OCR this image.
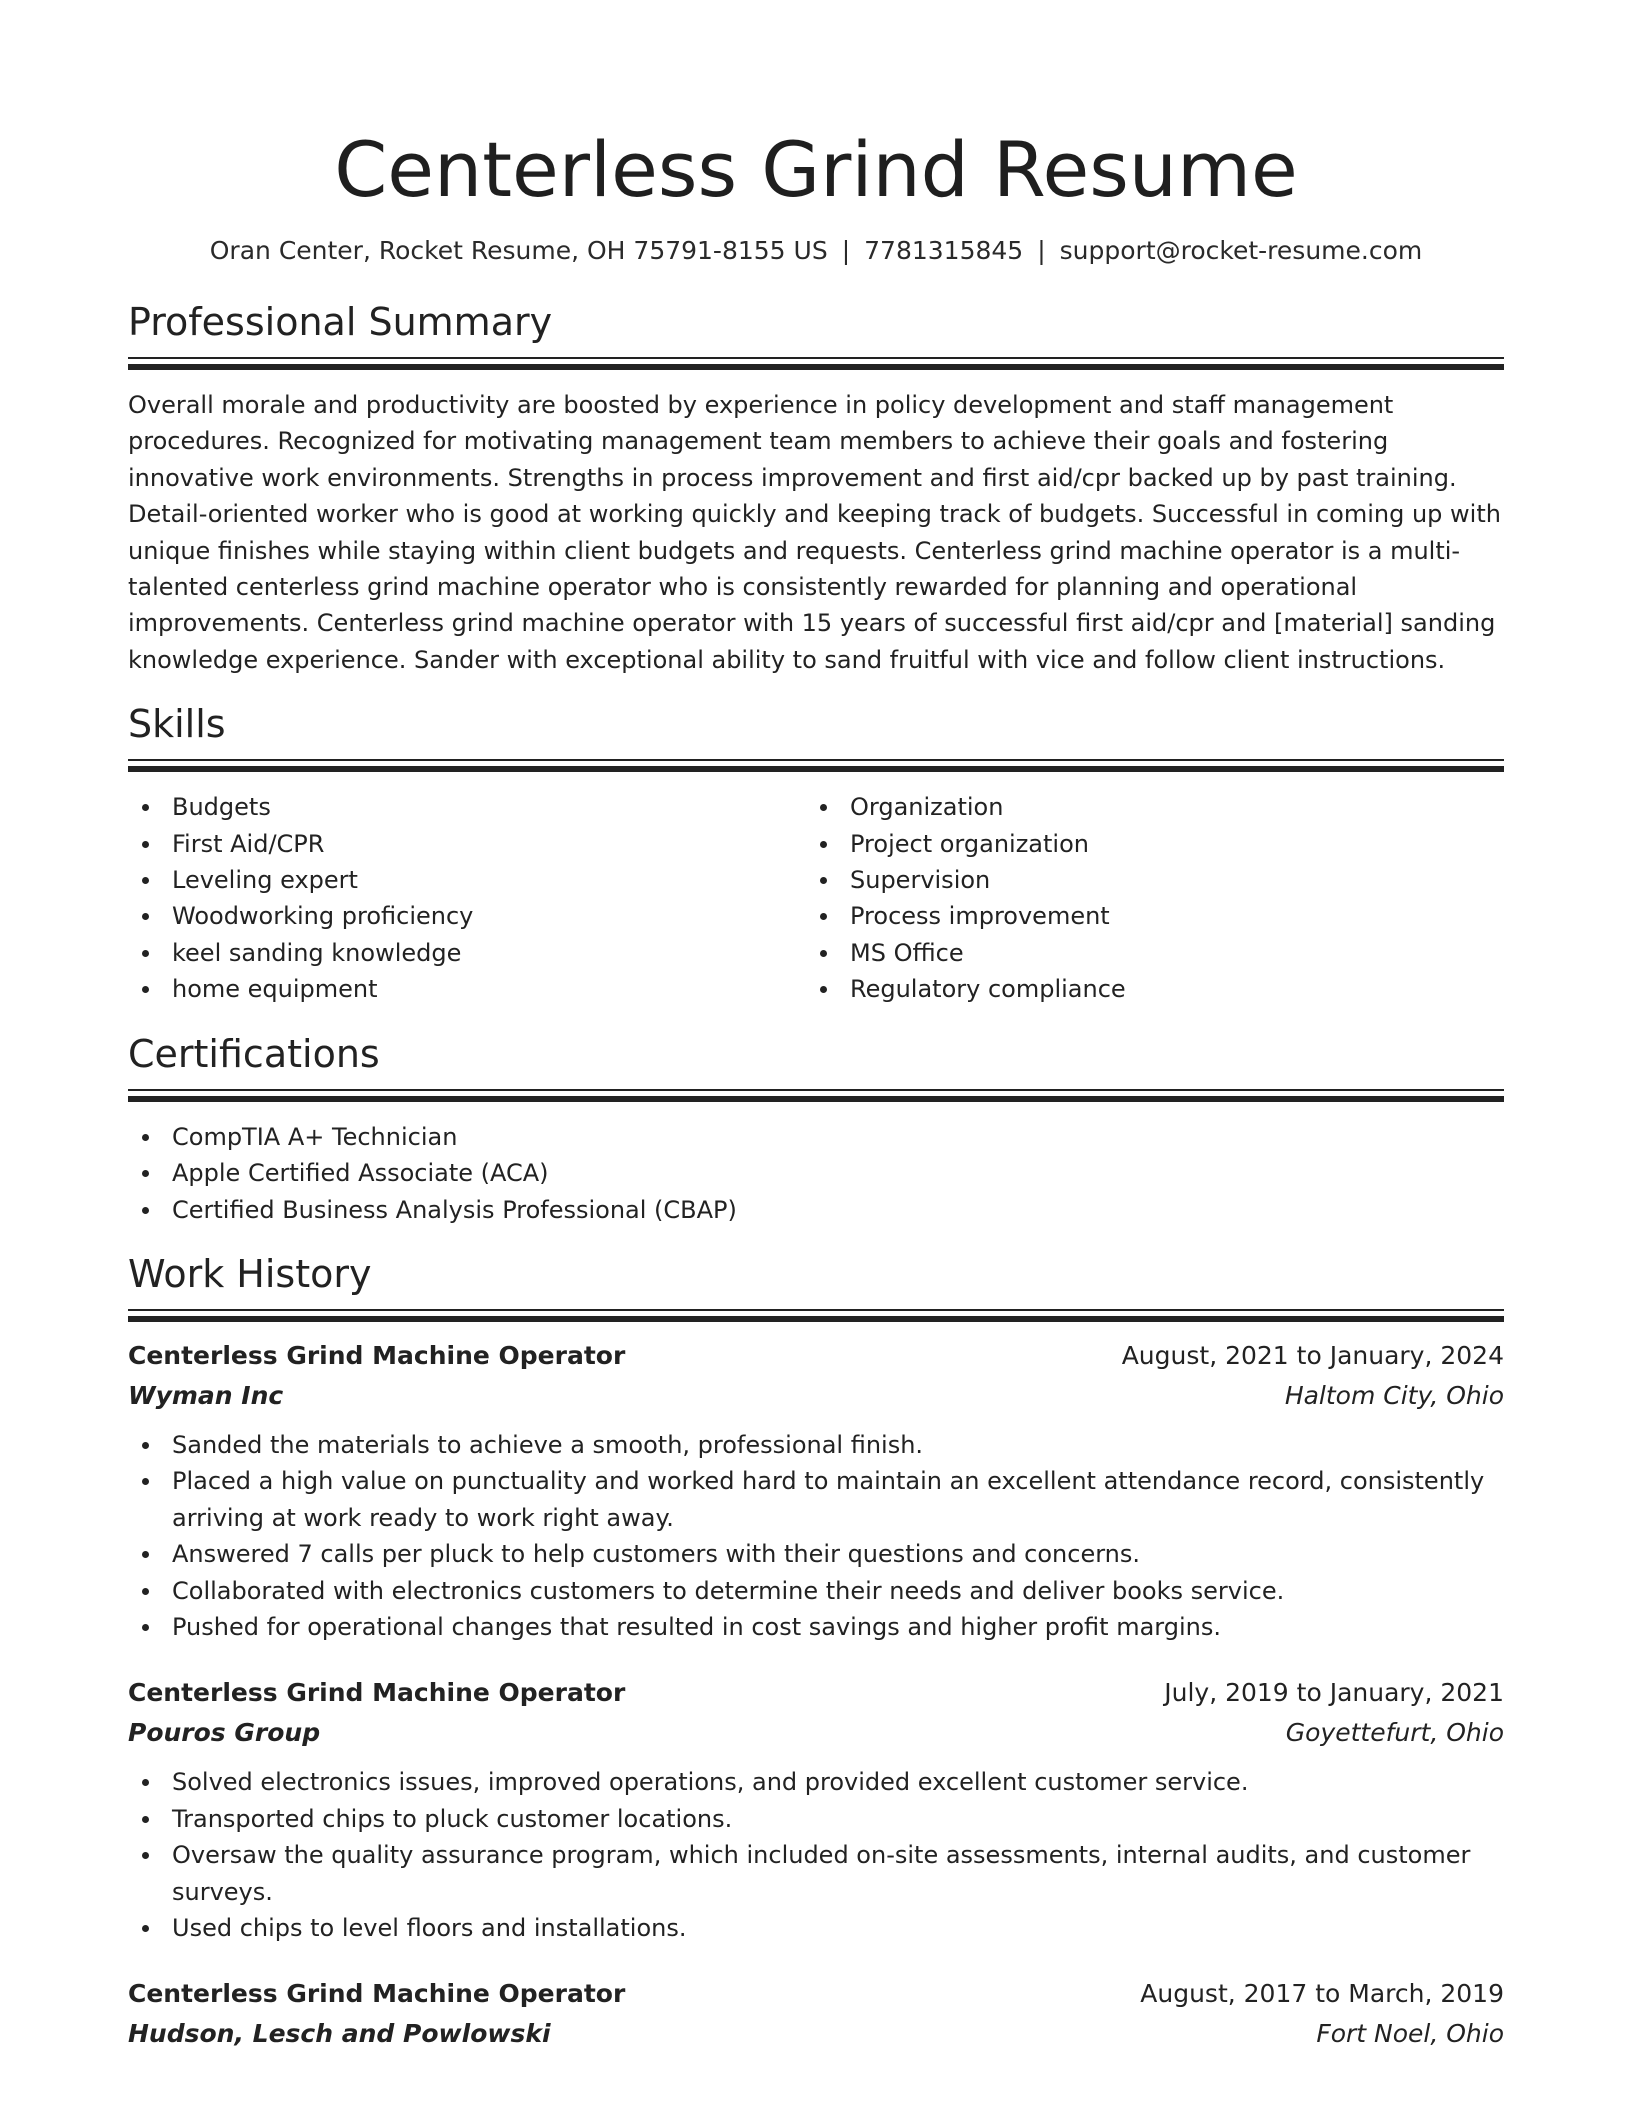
Centerless Grind Resume
Oran Center, Rocket Resume, OH 75791-8155 US | 7781315845 | support@rocket-resume.com
Professional Summary
Overall morale and productivity are boosted by experience in policy development and staff management procedures. Recognized for motivating management team members to achieve their goals and fostering innovative work environments. Strengths in process improvement and first aid/cpr backed up by past training. Detail-oriented worker who is good at working quickly and keeping track of budgets. Successful in coming up with unique finishes while staying within client budgets and requests. Centerless grind machine operator is a multi-talented centerless grind machine operator who is consistently rewarded for planning and operational improvements. Centerless grind machine operator with 15 years of successful first aid/cpr and [material] sanding knowledge experience. Sander with exceptional ability to sand fruitful with vice and follow client instructions.
Skills
Budgets
First Aid/CPR
Leveling expert
Woodworking proficiency
keel sanding knowledge
home equipment
Organization
Project organization
Supervision
Process improvement
MS Office
Regulatory compliance
Certifications
CompTIA A+ Technician
Apple Certified Associate (ACA)
Certified Business Analysis Professional (CBAP)
Work History
Centerless Grind Machine Operator	August, 2021 to January, 2024
Wyman Inc	Haltom City, Ohio
Sanded the materials to achieve a smooth, professional finish.
Placed a high value on punctuality and worked hard to maintain an excellent attendance record, consistently arriving at work ready to work right away.
Answered 7 calls per pluck to help customers with their questions and concerns.
Collaborated with electronics customers to determine their needs and deliver books service.
Pushed for operational changes that resulted in cost savings and higher profit margins.
Centerless Grind Machine Operator	July, 2019 to January, 2021
Pouros Group	Goyettefurt, Ohio
Solved electronics issues, improved operations, and provided excellent customer service.
Transported chips to pluck customer locations.
Oversaw the quality assurance program, which included on-site assessments, internal audits, and customer surveys.
Used chips to level floors and installations.
Centerless Grind Machine Operator	August, 2017 to March, 2019
Hudson, Lesch and Powlowski	Fort Noel, Ohio
